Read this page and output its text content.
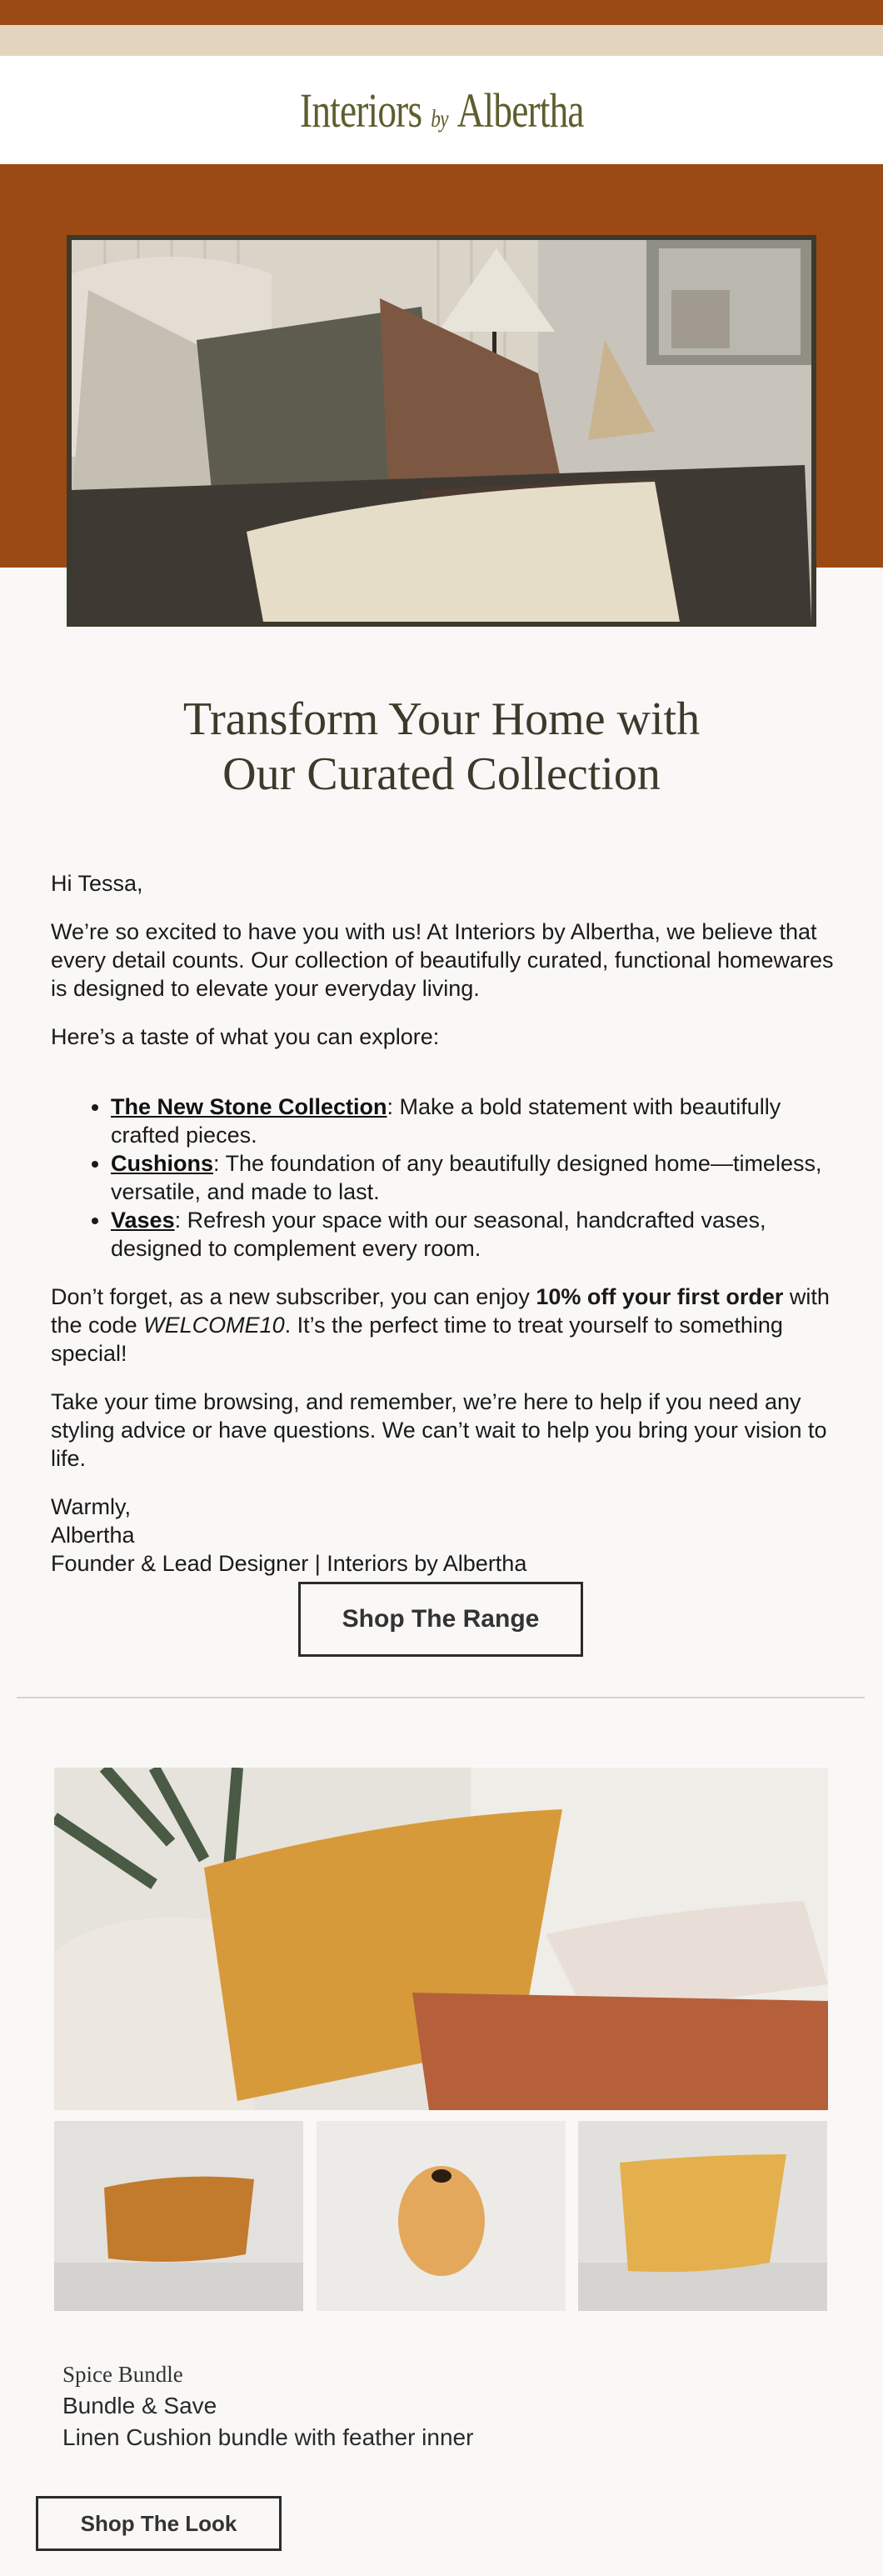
Interiors by Albertha
Transform Your Home with
Our Curated Collection

Hi Tessa,

We’re so excited to have you with us! At Interiors by Albertha, we believe that every detail counts. Our collection of beautifully curated, functional homewares is designed to elevate your everyday living.

Here’s a taste of what you can explore:

• The New Stone Collection: Make a bold statement with beautifully crafted pieces.
• Cushions: The foundation of any beautifully designed home—timeless, versatile, and made to last.
• Vases: Refresh your space with our seasonal, handcrafted vases, designed to complement every room.

Don’t forget, as a new subscriber, you can enjoy 10% off your first order with the code WELCOME10. It’s the perfect time to treat yourself to something special!

Take your time browsing, and remember, we’re here to help if you need any styling advice or have questions. We can’t wait to help you bring your vision to life.

Warmly,

Albertha

Founder & Lead Designer | Interiors by Albertha

Shop The Range
Spice Bundle
Bundle & Save
Linen Cushion bundle with feather inner
Shop The Look
